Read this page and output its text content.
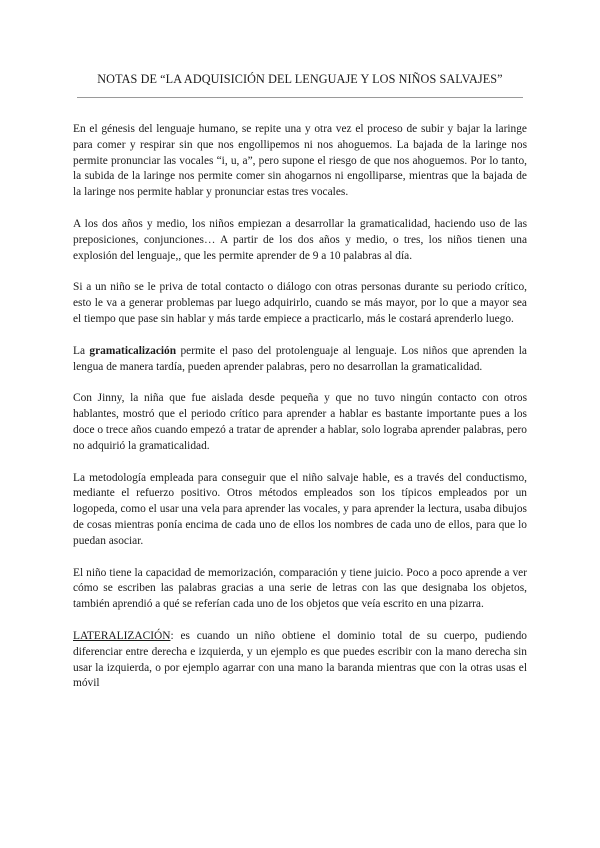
NOTAS DE “LA ADQUISICIÓN DEL LENGUAJE Y LOS NIÑOS SALVAJES”

En el génesis del lenguaje humano, se repite una y otra vez el proceso de subir y bajar la laringe para comer y respirar sin que nos engollipemos ni nos ahoguemos. La bajada de la laringe nos permite pronunciar las vocales “i, u, a”, pero supone el riesgo de que nos ahoguemos. Por lo tanto, la subida de la laringe nos permite comer sin ahogarnos ni engolliparse, mientras que la bajada de la laringe nos permite hablar y pronunciar estas tres vocales.

A los dos años y medio, los niños empiezan a desarrollar la gramaticalidad, haciendo uso de las preposiciones, conjunciones… A partir de los dos años y medio, o tres, los niños tienen una explosión del lenguaje,, que les permite aprender de 9 a 10 palabras al día.

Si a un niño se le priva de total contacto o diálogo con otras personas durante su periodo crítico, esto le va a generar problemas par luego adquirirlo, cuando se más mayor, por lo que a mayor sea el tiempo que pase sin hablar y más tarde empiece a practicarlo, más le costará aprenderlo luego.

La gramaticalización permite el paso del protolenguaje al lenguaje. Los niños que aprenden la lengua de manera tardía, pueden aprender palabras, pero no desarrollan la gramaticalidad.

Con Jinny, la niña que fue aislada desde pequeña y que no tuvo ningún contacto con otros hablantes, mostró que el periodo crítico para aprender a hablar es bastante importante pues a los doce o trece años cuando empezó a tratar de aprender a hablar, solo lograba aprender palabras, pero no adquirió la gramaticalidad.

La metodología empleada para conseguir que el niño salvaje hable, es a través del conductismo, mediante el refuerzo positivo. Otros métodos empleados son los típicos empleados por un logopeda, como el usar una vela para aprender las vocales, y para aprender la lectura, usaba dibujos de cosas mientras ponía encima de cada uno de ellos los nombres de cada uno de ellos, para que lo puedan asociar.

El niño tiene la capacidad de memorización, comparación y tiene juicio. Poco a poco aprende a ver cómo se escriben las palabras gracias a una serie de letras con las que designaba los objetos, también aprendió a qué se referían cada uno de los objetos que veía escrito en una pizarra.

LATERALIZACIÓN: es cuando un niño obtiene el dominio total de su cuerpo, pudiendo diferenciar entre derecha e izquierda, y un ejemplo es que puedes escribir con la mano derecha sin usar la izquierda, o por ejemplo agarrar con una mano la baranda mientras que con la otras usas el móvil
